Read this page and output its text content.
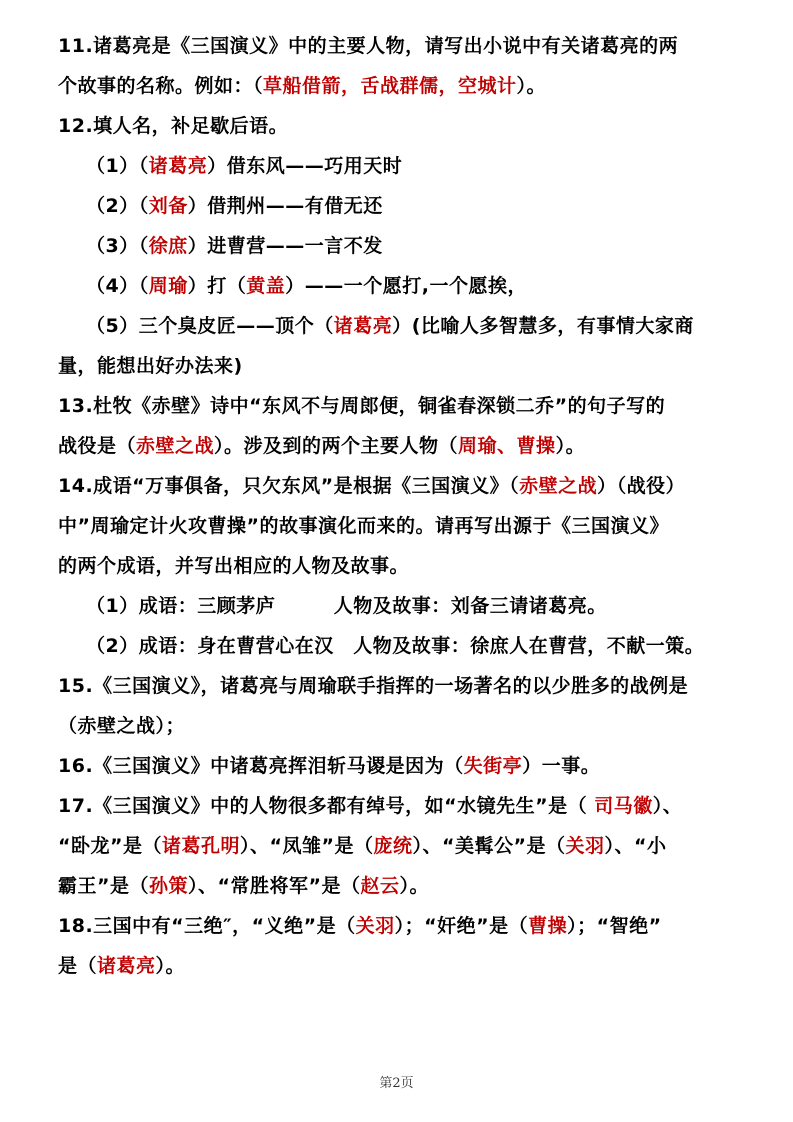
11.诸葛亮是《三国演义》中的主要人物，请写出小说中有关诸葛亮的两
个故事的名称。例如：（草船借箭，舌战群儒，空城计）。
12.填人名，补足歇后语。
（1）（诸葛亮）借东风——巧用天时
（2）（刘备）借荆州——有借无还
（3）（徐庶）进曹营——一言不发
（4）（周瑜）打（黄盖）——一个愿打,一个愿挨，
（5）三个臭皮匠——顶个（诸葛亮）(比喻人多智慧多，有事情大家商
量，能想出好办法来)
13.杜牧《赤壁》诗中“东风不与周郎便，铜雀春深锁二乔”的句子写的
战役是（赤壁之战）。涉及到的两个主要人物（周瑜、曹操）。
14.成语“万事俱备，只欠东风”是根据《三国演义》（赤壁之战）（战役）
中”周瑜定计火攻曹操”的故事演化而来的。请再写出源于《三国演义》
的两个成语，并写出相应的人物及故事。
（1）成语：三顾茅庐　　　人物及故事：刘备三请诸葛亮。
（2）成语：身在曹营心在汉　人物及故事：徐庶人在曹营，不献一策。
15.《三国演义》，诸葛亮与周瑜联手指挥的一场著名的以少胜多的战例是
（赤壁之战）；
16.《三国演义》中诸葛亮挥泪斩马谡是因为（失街亭）一事。
17.《三国演义》中的人物很多都有绰号，如“水镜先生”是（ 司马徽）、
“卧龙”是（诸葛孔明）、“凤雏”是（庞统）、“美髯公”是（关羽）、“小
霸王”是（孙策）、“常胜将军”是（赵云）。
18.三国中有“三绝″，“义绝”是（关羽）；“奸绝”是（曹操）；“智绝”
是（诸葛亮）。
第2页
